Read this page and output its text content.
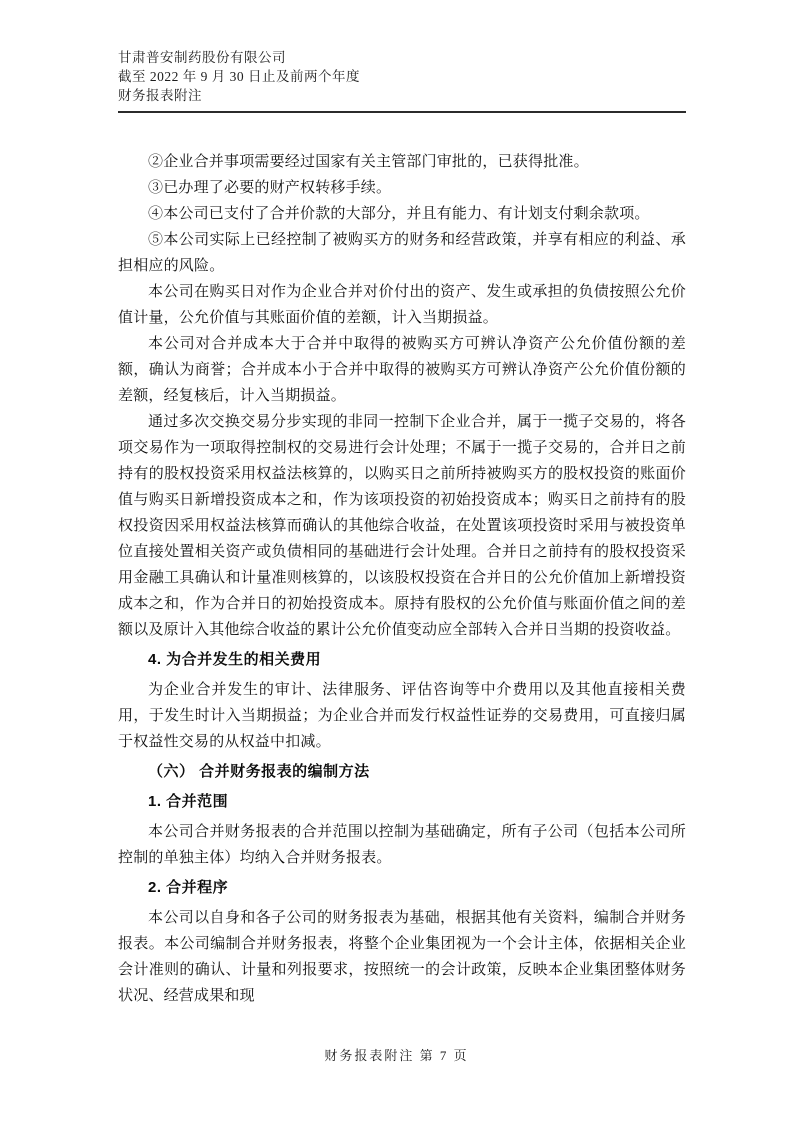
甘肃普安制药股份有限公司
截至 2022 年 9 月 30 日止及前两个年度
财务报表附注

②企业合并事项需要经过国家有关主管部门审批的，已获得批准。

③已办理了必要的财产权转移手续。

④本公司已支付了合并价款的大部分，并且有能力、有计划支付剩余款项。

⑤本公司实际上已经控制了被购买方的财务和经营政策，并享有相应的利益、承担相应的风险。

本公司在购买日对作为企业合并对价付出的资产、发生或承担的负债按照公允价值计量，公允价值与其账面价值的差额，计入当期损益。

本公司对合并成本大于合并中取得的被购买方可辨认净资产公允价值份额的差额，确认为商誉；合并成本小于合并中取得的被购买方可辨认净资产公允价值份额的差额，经复核后，计入当期损益。

通过多次交换交易分步实现的非同一控制下企业合并，属于一揽子交易的，将各项交易作为一项取得控制权的交易进行会计处理；不属于一揽子交易的，合并日之前持有的股权投资采用权益法核算的，以购买日之前所持被购买方的股权投资的账面价值与购买日新增投资成本之和，作为该项投资的初始投资成本；购买日之前持有的股权投资因采用权益法核算而确认的其他综合收益，在处置该项投资时采用与被投资单位直接处置相关资产或负债相同的基础进行会计处理。合并日之前持有的股权投资采用金融工具确认和计量准则核算的，以该股权投资在合并日的公允价值加上新增投资成本之和，作为合并日的初始投资成本。原持有股权的公允价值与账面价值之间的差额以及原计入其他综合收益的累计公允价值变动应全部转入合并日当期的投资收益。

4. 为合并发生的相关费用

为企业合并发生的审计、法律服务、评估咨询等中介费用以及其他直接相关费用，于发生时计入当期损益；为企业合并而发行权益性证券的交易费用，可直接归属于权益性交易的从权益中扣减。

（六） 合并财务报表的编制方法

1. 合并范围

本公司合并财务报表的合并范围以控制为基础确定，所有子公司（包括本公司所控制的单独主体）均纳入合并财务报表。

2. 合并程序

本公司以自身和各子公司的财务报表为基础，根据其他有关资料，编制合并财务报表。本公司编制合并财务报表，将整个企业集团视为一个会计主体，依据相关企业会计准则的确认、计量和列报要求，按照统一的会计政策，反映本企业集团整体财务状况、经营成果和现

财务报表附注 第 7 页
